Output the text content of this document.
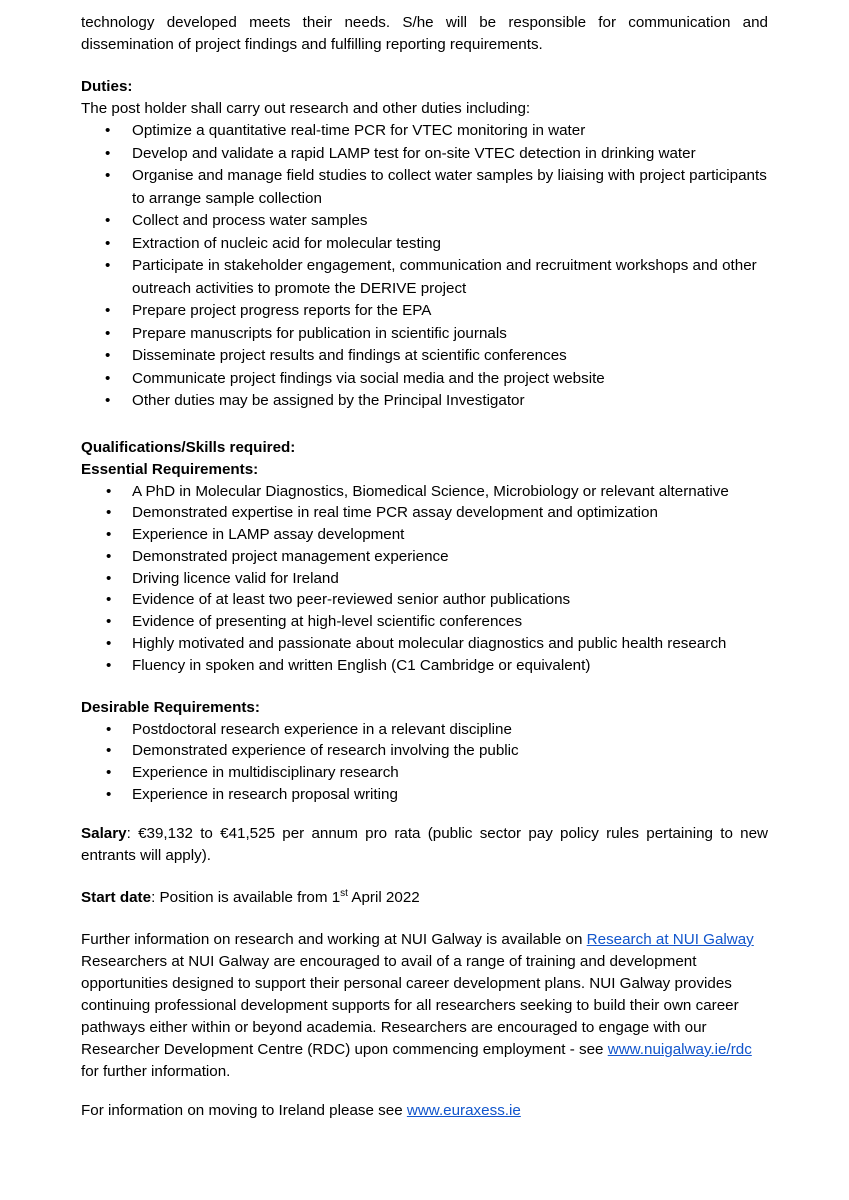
technology developed meets their needs. S/he will be responsible for communication and dissemination of project findings and fulfilling reporting requirements.

Duties:

The post holder shall carry out research and other duties including:

• Optimize a quantitative real-time PCR for VTEC monitoring in water
• Develop and validate a rapid LAMP test for on-site VTEC detection in drinking water
• Organise and manage field studies to collect water samples by liaising with project participants to arrange sample collection
• Collect and process water samples
• Extraction of nucleic acid for molecular testing
• Participate in stakeholder engagement, communication and recruitment workshops and other outreach activities to promote the DERIVE project
• Prepare project progress reports for the EPA
• Prepare manuscripts for publication in scientific journals
• Disseminate project results and findings at scientific conferences
• Communicate project findings via social media and the project website
• Other duties may be assigned by the Principal Investigator

Qualifications/Skills required:

Essential Requirements:

• A PhD in Molecular Diagnostics, Biomedical Science, Microbiology or relevant alternative
• Demonstrated expertise in real time PCR assay development and optimization
• Experience in LAMP assay development
• Demonstrated project management experience
• Driving licence valid for Ireland
• Evidence of at least two peer-reviewed senior author publications
• Evidence of presenting at high-level scientific conferences
• Highly motivated and passionate about molecular diagnostics and public health research
• Fluency in spoken and written English (C1 Cambridge or equivalent)

Desirable Requirements:

• Postdoctoral research experience in a relevant discipline
• Demonstrated experience of research involving the public
• Experience in multidisciplinary research
• Experience in research proposal writing

Salary: €39,132 to €41,525 per annum pro rata (public sector pay policy rules pertaining to new entrants will apply).

Start date: Position is available from 1st April 2022

Further information on research and working at NUI Galway is available on Research at NUI Galway Researchers at NUI Galway are encouraged to avail of a range of training and development opportunities designed to support their personal career development plans. NUI Galway provides continuing professional development supports for all researchers seeking to build their own career pathways either within or beyond academia. Researchers are encouraged to engage with our Researcher Development Centre (RDC) upon commencing employment - see www.nuigalway.ie/rdc for further information.

For information on moving to Ireland please see www.euraxess.ie
